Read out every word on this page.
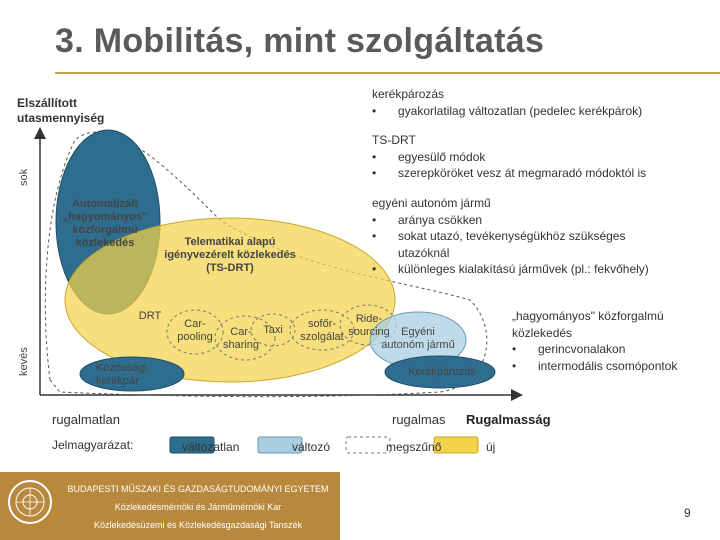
3. Mobilitás, mint szolgáltatás
Elszállított
utasmennyiség
sok
kevés
Automatizált
„hagyományos"
közforgalmú
közlekedés	Telematikai alapú
igényvezérelt közlekedés
(TS-DRT)
DRT
Car-
pooling	Car-
sharing
Taxi	sofőr-
szolgálat
Ride-
sourcing	Egyéni
autonóm jármű
Kerékpározás
Közösségi
kerékpár
rugalmatlan	rugalmas Rugalmasság
kerékpározás
• gyakorlatilag változatlan (pedelec kerékpárok)
TS-DRT
• egyesülő módok
• szerepköröket vesz át megmaradó módoktól is
egyéni autonóm jármű
• aránya csökken
• sokat utazó, tevékenységükhöz szükséges
utazóknál
• különleges kialakítású járművek (pl.: fekvőhely)
„hagyományos" közforgalmú
közlekedés
• gerincvonalakon
• intermodális csomópontok
Jelmagyarázat:	változatlan	változó	megszűnő	új
BUDAPESTI MŰSZAKI ÉS GAZDASÁGTUDOMÁNYI EGYETEM
Közlekedésmérnöki és Járműmérnöki Kar
Közlekedésüzemi és Közlekedésgazdasági Tanszék
9
